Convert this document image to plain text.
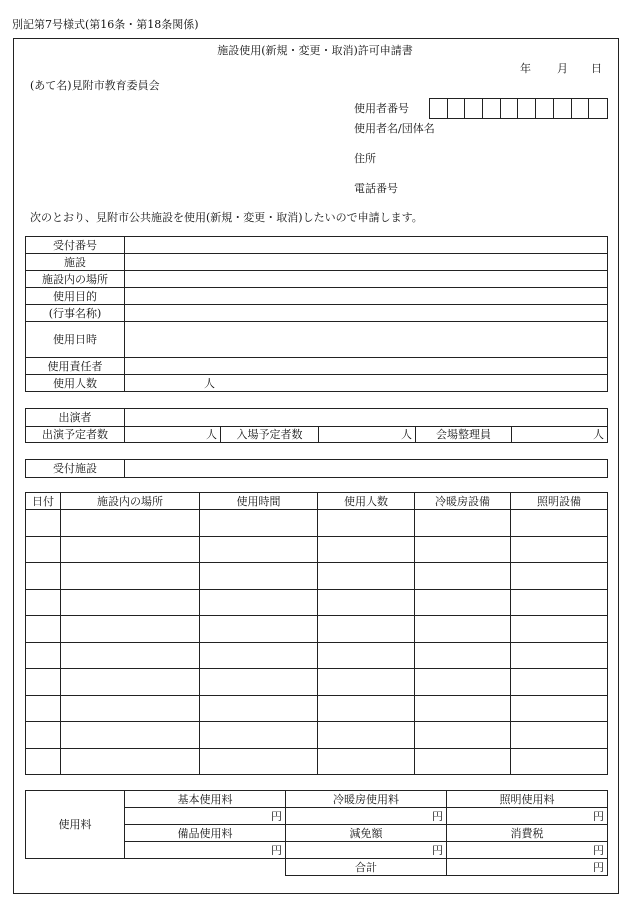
別記第7号様式(第16条・第18条関係)
施設使用(新規・変更・取消)許可申請書
年 月 日
(あて名)見附市教育委員会
使用者番号
使用者名/団体名
住所
電話番号
次のとおり、見附市公共施設を使用(新規・変更・取消)したいので申請します。
受付番号	
施設	
施設内の場所	
使用目的	
(行事名称)	
使用日時	
使用責任者	
使用人数	人
出演者					
出演予定者数	人	入場予定者数	人	会場整理員	人
受付施設	
日付	施設内の場所	使用時間	使用人数	冷暖房設備	照明設備

使用料	基本使用料	冷暖房使用料	照明使用料
	円	円	円
	備品使用料	減免額	消費税
	円	円	円
		合計	円
